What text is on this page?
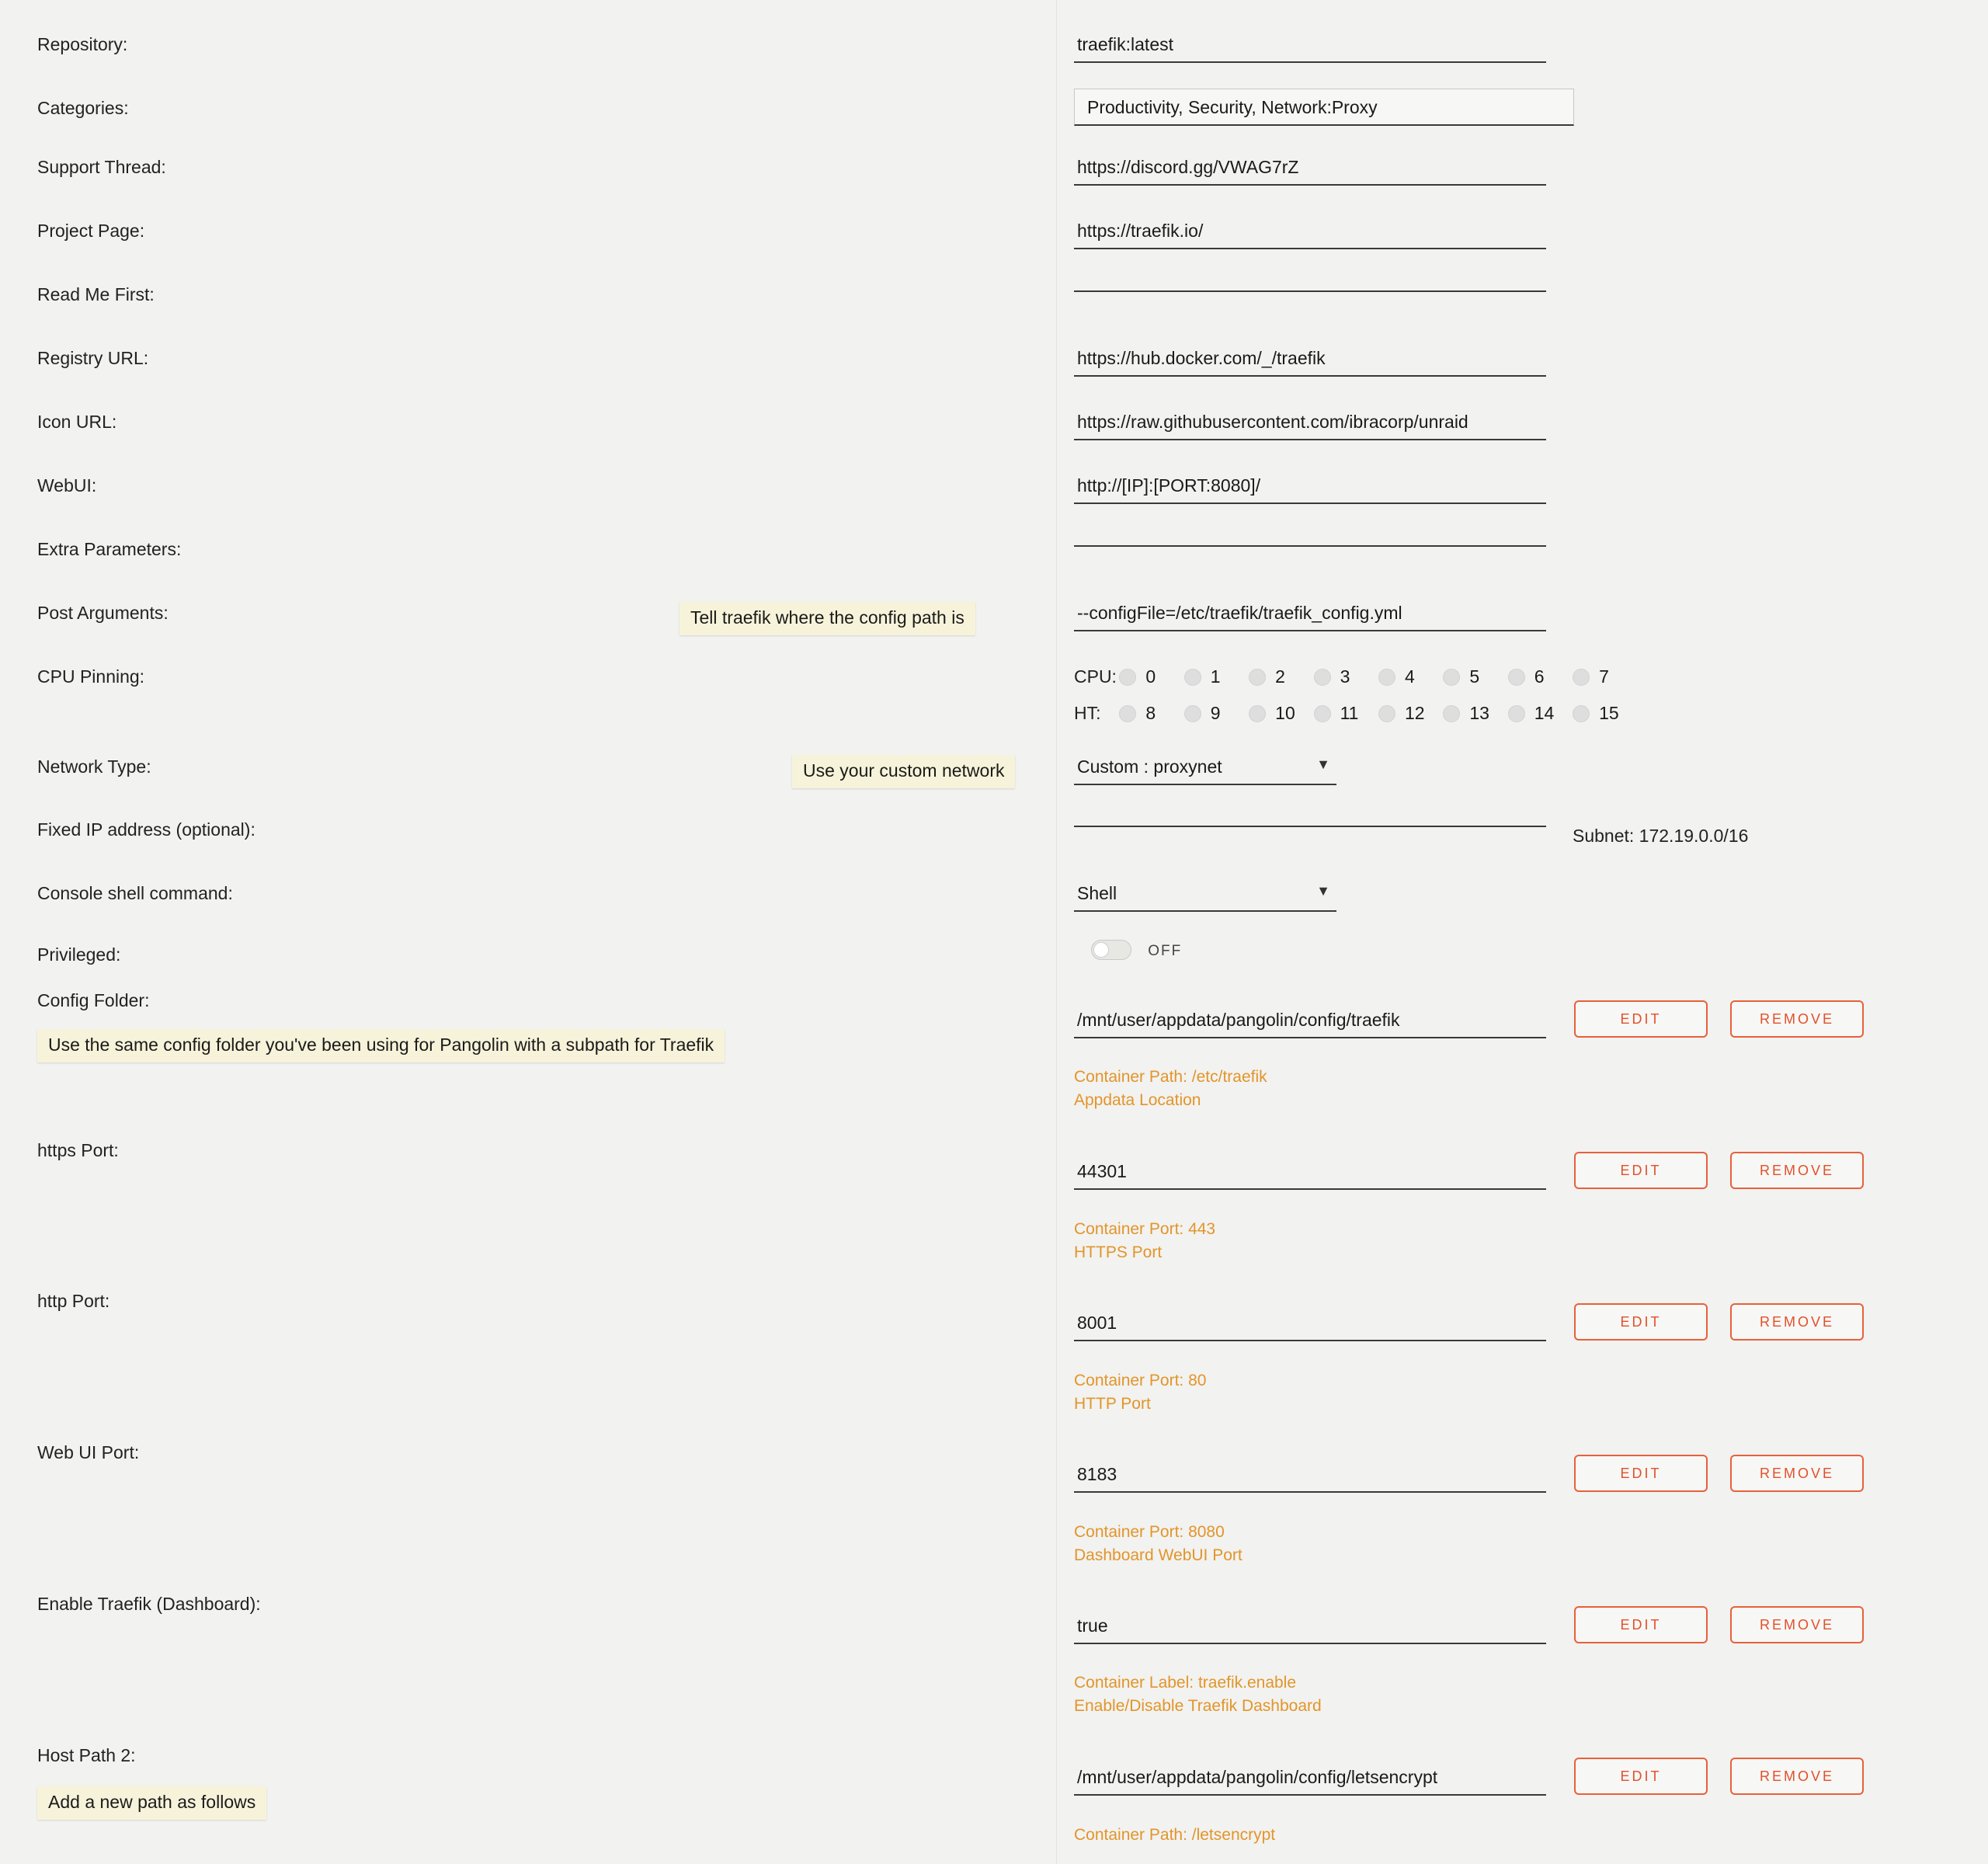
Repository:	traefik:latest
Categories:	Productivity, Security, Network:Proxy
Support Thread:	https://discord.gg/VWAG7rZ
Project Page:	https://traefik.io/
Read Me First:
Registry URL:	https://hub.docker.com/_/traefik
Icon URL:	https://raw.githubusercontent.com/ibracorp/unraid
WebUI:	http://[IP]:[PORT:8080]/
Extra Parameters:
Post Arguments:	Tell traefik where the config path is	--configFile=/etc/traefik/traefik_config.yml
CPU Pinning:	CPU: 0	1	2	3	4	5	6	7
HT:	8	9	10	11	12	13	14	15
Network Type:	Use your custom network	Custom : proxynet	▼
Fixed IP address (optional):	Subnet: 172.19.0.0/16
Console shell command:	Shell	▼
Privileged:	OFF
Config Folder:
Use the same config folder you've been using for Pangolin with a subpath for Traefik
/mnt/user/appdata/pangolin/config/traefik	EDIT	REMOVE
Container Path: /etc/traefik
Appdata Location
https Port:
44301	EDIT	REMOVE
Container Port: 443
HTTPS Port
http Port:
8001	EDIT	REMOVE
Container Port: 80
HTTP Port
Web UI Port:
8183	EDIT	REMOVE
Container Port: 8080
Dashboard WebUI Port
Enable Traefik (Dashboard):
true	EDIT	REMOVE
Container Label: traefik.enable
Enable/Disable Traefik Dashboard
Host Path 2:
Add a new path as follows
/mnt/user/appdata/pangolin/config/letsencrypt	EDIT	REMOVE
Container Path: /letsencrypt
